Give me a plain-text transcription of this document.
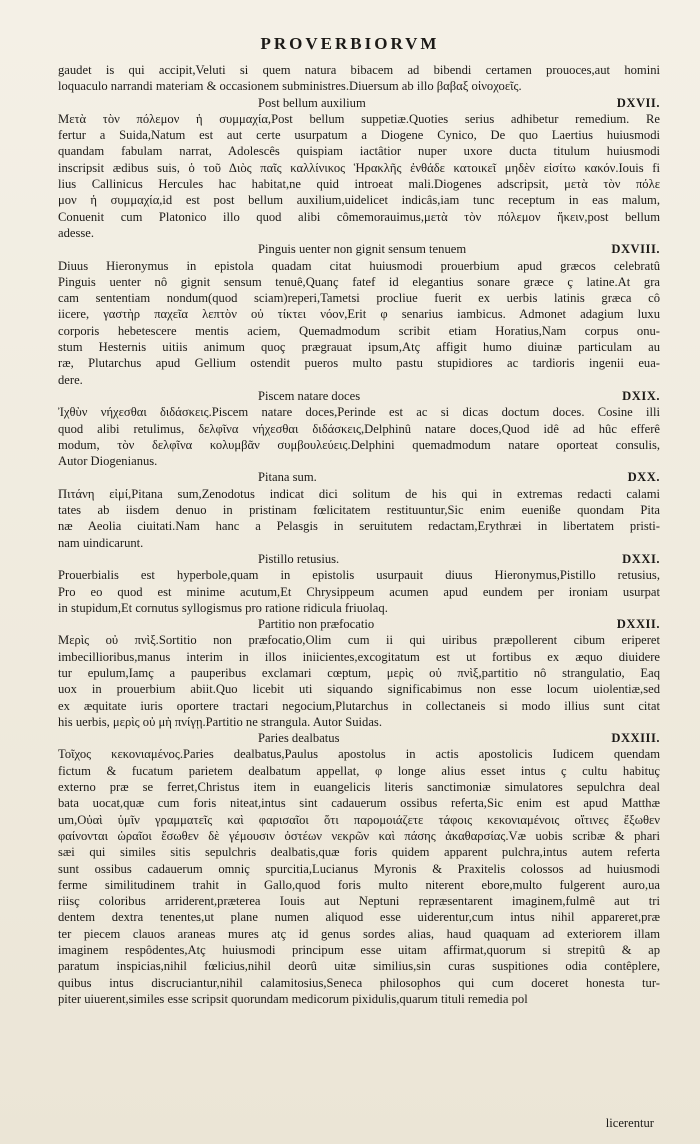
PROVERBIORVM
gaudet is qui accipit,Veluti si quem natura bibacem ad bibendi certamen prouoces,aut homini
loquaculo narrandi materiam & occasionem subministres.Diuersum ab illo βαβαξ οἰνοχοεῖς.
Post bellum auxilium	DXVII.
Μετὰ τὸν πόλεμον ἡ συμμαχία,Post bellum suppetiæ.Quoties serius adhibetur remedium. Re
fertur a Suida,Natum est aut certe usurpatum a Diogene Cynico, De quo Laertius huiusmodi
quandam fabulam narrat, Adolescês quispiam iactâtior nuper uxore ducta titulum huiusmodi
inscripsit ædibus suis, ὁ τοῦ Διὸς παῖς καλλίνικος Ἡρακλῆς ἐνθάδε κατοικεῖ μηδὲν εἰσίτω κακόν.Iouis fi
lius Callinicus Hercules hac habitat,ne quid introeat mali.Diogenes adscripsit, μετὰ τὸν πόλε
μον ἡ συμμαχία,id est post bellum auxilium,uidelicet indicâs,iam tunc receptum in eas malum,
Conuenit cum Platonico illo quod alibi cômemorauimus,μετὰ τὸν πόλεμον ἥκειν,post bellum
adesse.
Pinguis uenter non gignit sensum tenuem	DXVIII.
Diuus Hieronymus in epistola quadam citat huiusmodi prouerbium apud græcos celebratû
Pinguis uenter nô gignit sensum tenuê,Quanç fatef id elegantius sonare græce ç latine.At gra
cam sententiam nondum(quod sciam)reperi,Tametsi procliue fuerit ex uerbis latinis græca cô
iicere, γαστὴρ παχεῖα λεπτὸν οὐ τίκτει νόον,Erit φ senarius iambicus. Admonet adagium luxu
corporis hebetescere mentis aciem, Quemadmodum scribit etiam Horatius,Nam corpus onu-
stum Hesternis uitiis animum quoç prægrauat ipsum,Atç affigit humo diuinæ particulam au
ræ, Plutarchus apud Gellium ostendit pueros multo pastu stupidiores ac tardioris ingenii eua-
dere.
Piscem natare doces	DXIX.
Ἰχθὺν νήχεσθαι διδάσκεις.Piscem natare doces,Perinde est ac si dicas doctum doces. Cosine illi
quod alibi retulimus, δελφῖνα νήχεσθαι διδάσκεις,Delphinû natare doces,Quod idê ad hûc efferê
modum, τὸν δελφῖνα κολυμβᾶν συμβουλεύεις.Delphini quemadmodum natare oporteat consulis,
Autor Diogenianus.
Pitana sum.	DXX.
Πιτάνη εἰμί,Pitana sum,Zenodotus indicat dici solitum de his qui in extremas redacti calami
tates ab iisdem denuo in pristinam fœlicitatem restituuntur,Sic enim eueniße quondam Pita
næ Aeolia ciuitati.Nam hanc a Pelasgis in seruitutem redactam,Erythræi in libertatem pristi-
nam uindicarunt.
Pistillo retusius.	DXXI.
Prouerbialis est hyperbole,quam in epistolis usurpauit diuus Hieronymus,Pistillo retusius,
Pro eo quod est minime acutum,Et Chrysippeum acumen apud eundem per ironiam usurpat
in stupidum,Et cornutus syllogismus pro ratione ridicula friuolaq.
Partitio non præfocatio	DXXII.
Μερὶς οὐ πνὶξ.Sortitio non præfocatio,Olim cum ii qui uiribus præpollerent cibum eriperet
imbecillioribus,manus interim in illos iniicientes,excogitatum est ut fortibus ex æquo diuidere
tur epulum,Iamç a pauperibus exclamari cœptum, μερὶς οὐ πνὶξ,partitio nô strangulatio, Eaq
uox in prouerbium abiit.Quo licebit uti siquando significabimus non esse locum uiolentiæ,sed
ex æquitate iuris oportere tractari negocium,Plutarchus in collectaneis si modo illius sunt citat
his uerbis, μερὶς οὐ μὴ πνίγῃ.Partitio ne strangula. Autor Suidas.
Paries dealbatus	DXXIII.
Τοῖχος κεκονιαμένος.Paries dealbatus,Paulus apostolus in actis apostolicis Iudicem quendam
fictum & fucatum parietem dealbatum appellat, φ longe alius esset intus ç cultu habituç
externo præ se ferret,Christus item in euangelicis literis sanctimoniæ simulatores sepulchra deal
bata uocat,quæ cum foris niteat,intus sint cadauerum ossibus referta,Sic enim est apud Matthæ
um,Οὐαὶ ὑμῖν γραμματεῖς καὶ φαρισαῖοι ὅτι παρομοιάζετε τάφοις κεκονιαμένοις οἵτινες ἔξωθεν
φαίνονται ὡραῖοι ἔσωθεν δὲ γέμουσιν ὀστέων νεκρῶν καὶ πάσης ἀκαθαρσίας.Væ uobis scribæ & phari
sæi qui similes sitis sepulchris dealbatis,quæ foris quidem apparent pulchra,intus autem referta
sunt ossibus cadauerum omniç spurcitia,Lucianus Myronis & Praxitelis colossos ad huiusmodi
ferme similitudinem trahit in Gallo,quod foris multo niterent ebore,multo fulgerent auro,ua
riisç coloribus arriderent,præterea Iouis aut Neptuni repræsentarent imaginem,fulmê aut tri
dentem dextra tenentes,ut plane numen aliquod esse uiderentur,cum intus nihil appareret,præ
ter piecem clauos araneas mures atç id genus sordes alias, haud quaquam ad exteriorem illam
imaginem respôdentes,Atç huiusmodi principum esse uitam affirmat,quorum si strepitû & ap
paratum inspicias,nihil fœlicius,nihil deorû uitæ similius,sin curas suspitiones odia contêplere,
quibus intus discruciantur,nihil calamitosius,Seneca philosophos qui cum doceret honesta tur-
piter uiuerent,similes esse scripsit quorundam medicorum pixidulis,quarum tituli remedia pol
licerentur
